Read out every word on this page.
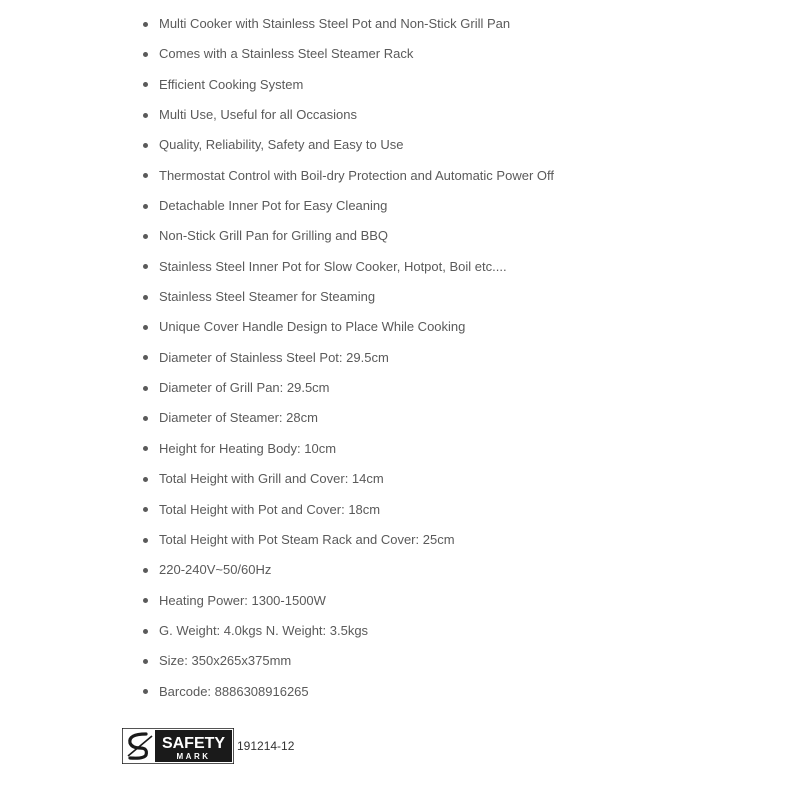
Multi Cooker with Stainless Steel Pot and Non-Stick Grill Pan
Comes with a Stainless Steel Steamer Rack
Efficient Cooking System
Multi Use, Useful for all Occasions
Quality, Reliability, Safety and Easy to Use
Thermostat Control with Boil-dry Protection and Automatic Power Off
Detachable Inner Pot for Easy Cleaning
Non-Stick Grill Pan for Grilling and BBQ
Stainless Steel Inner Pot for Slow Cooker, Hotpot, Boil etc....
Stainless Steel Steamer for Steaming
Unique Cover Handle Design to Place While Cooking
Diameter of Stainless Steel Pot: 29.5cm
Diameter of Grill Pan: 29.5cm
Diameter of Steamer: 28cm
Height for Heating Body: 10cm
Total Height with Grill and Cover: 14cm
Total Height with Pot and Cover: 18cm
Total Height with Pot Steam Rack and Cover: 25cm
220-240V~50/60Hz
Heating Power: 1300-1500W
G. Weight: 4.0kgs N. Weight: 3.5kgs
Size: 350x265x375mm
Barcode: 8886308916265
SAFETY
MARK
191214-12
